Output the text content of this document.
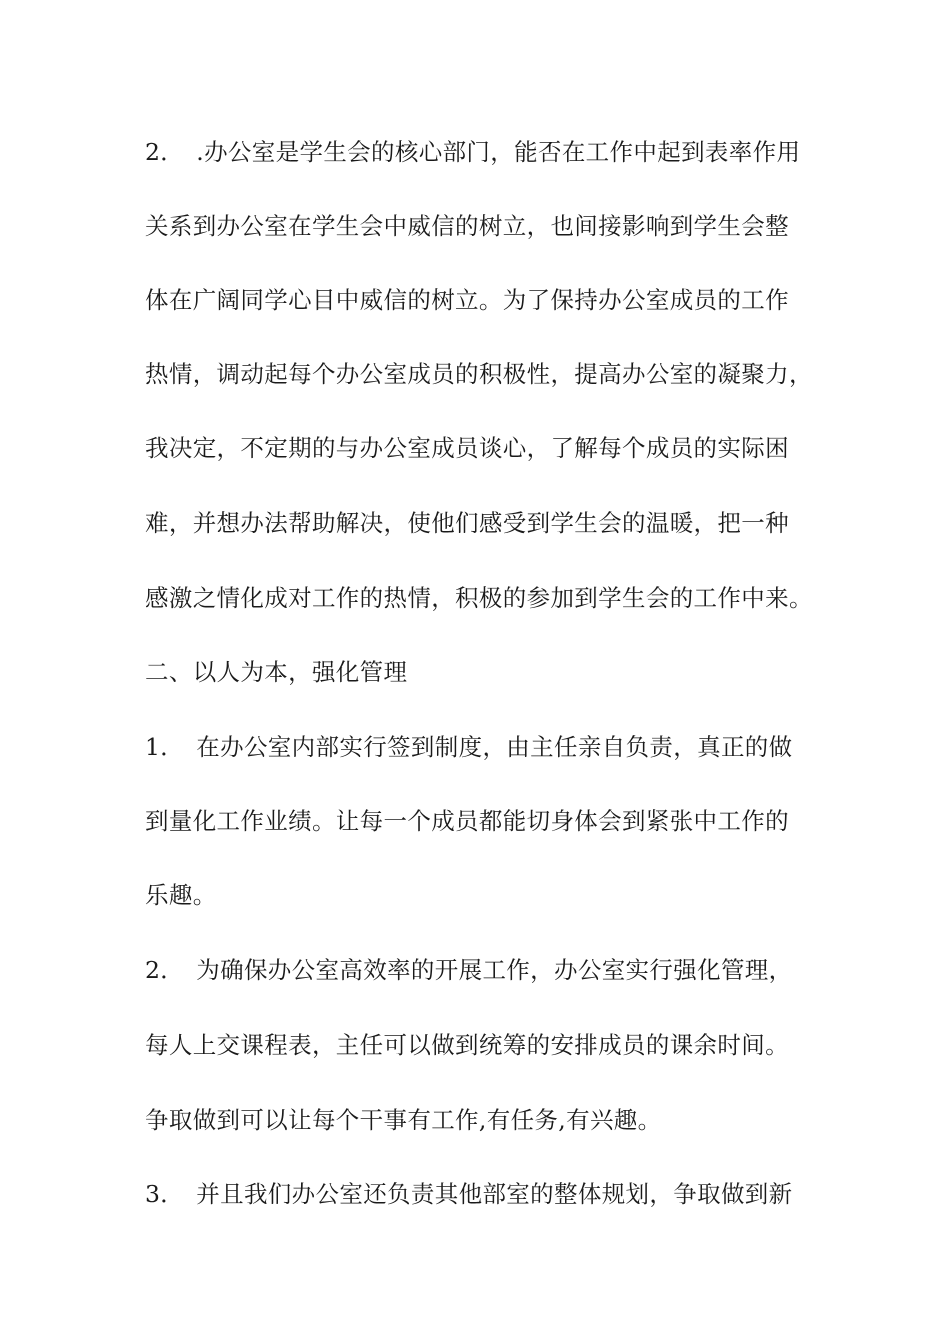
2．　.办公室是学生会的核心部门，能否在工作中起到表率作用
关系到办公室在学生会中威信的树立，也间接影响到学生会整
体在广阔同学心目中威信的树立。为了保持办公室成员的工作
热情，调动起每个办公室成员的积极性，提高办公室的凝聚力，
我决定，不定期的与办公室成员谈心，了解每个成员的实际困
难，并想办法帮助解决，使他们感受到学生会的温暖，把一种
感激之情化成对工作的热情，积极的参加到学生会的工作中来。
二、以人为本，强化管理
1．　在办公室内部实行签到制度，由主任亲自负责，真正的做
到量化工作业绩。让每一个成员都能切身体会到紧张中工作的
乐趣。
2．　为确保办公室高效率的开展工作，办公室实行强化管理，
每人上交课程表，主任可以做到统筹的安排成员的课余时间。
争取做到可以让每个干事有工作,有任务,有兴趣。
3．　并且我们办公室还负责其他部室的整体规划，争取做到新
